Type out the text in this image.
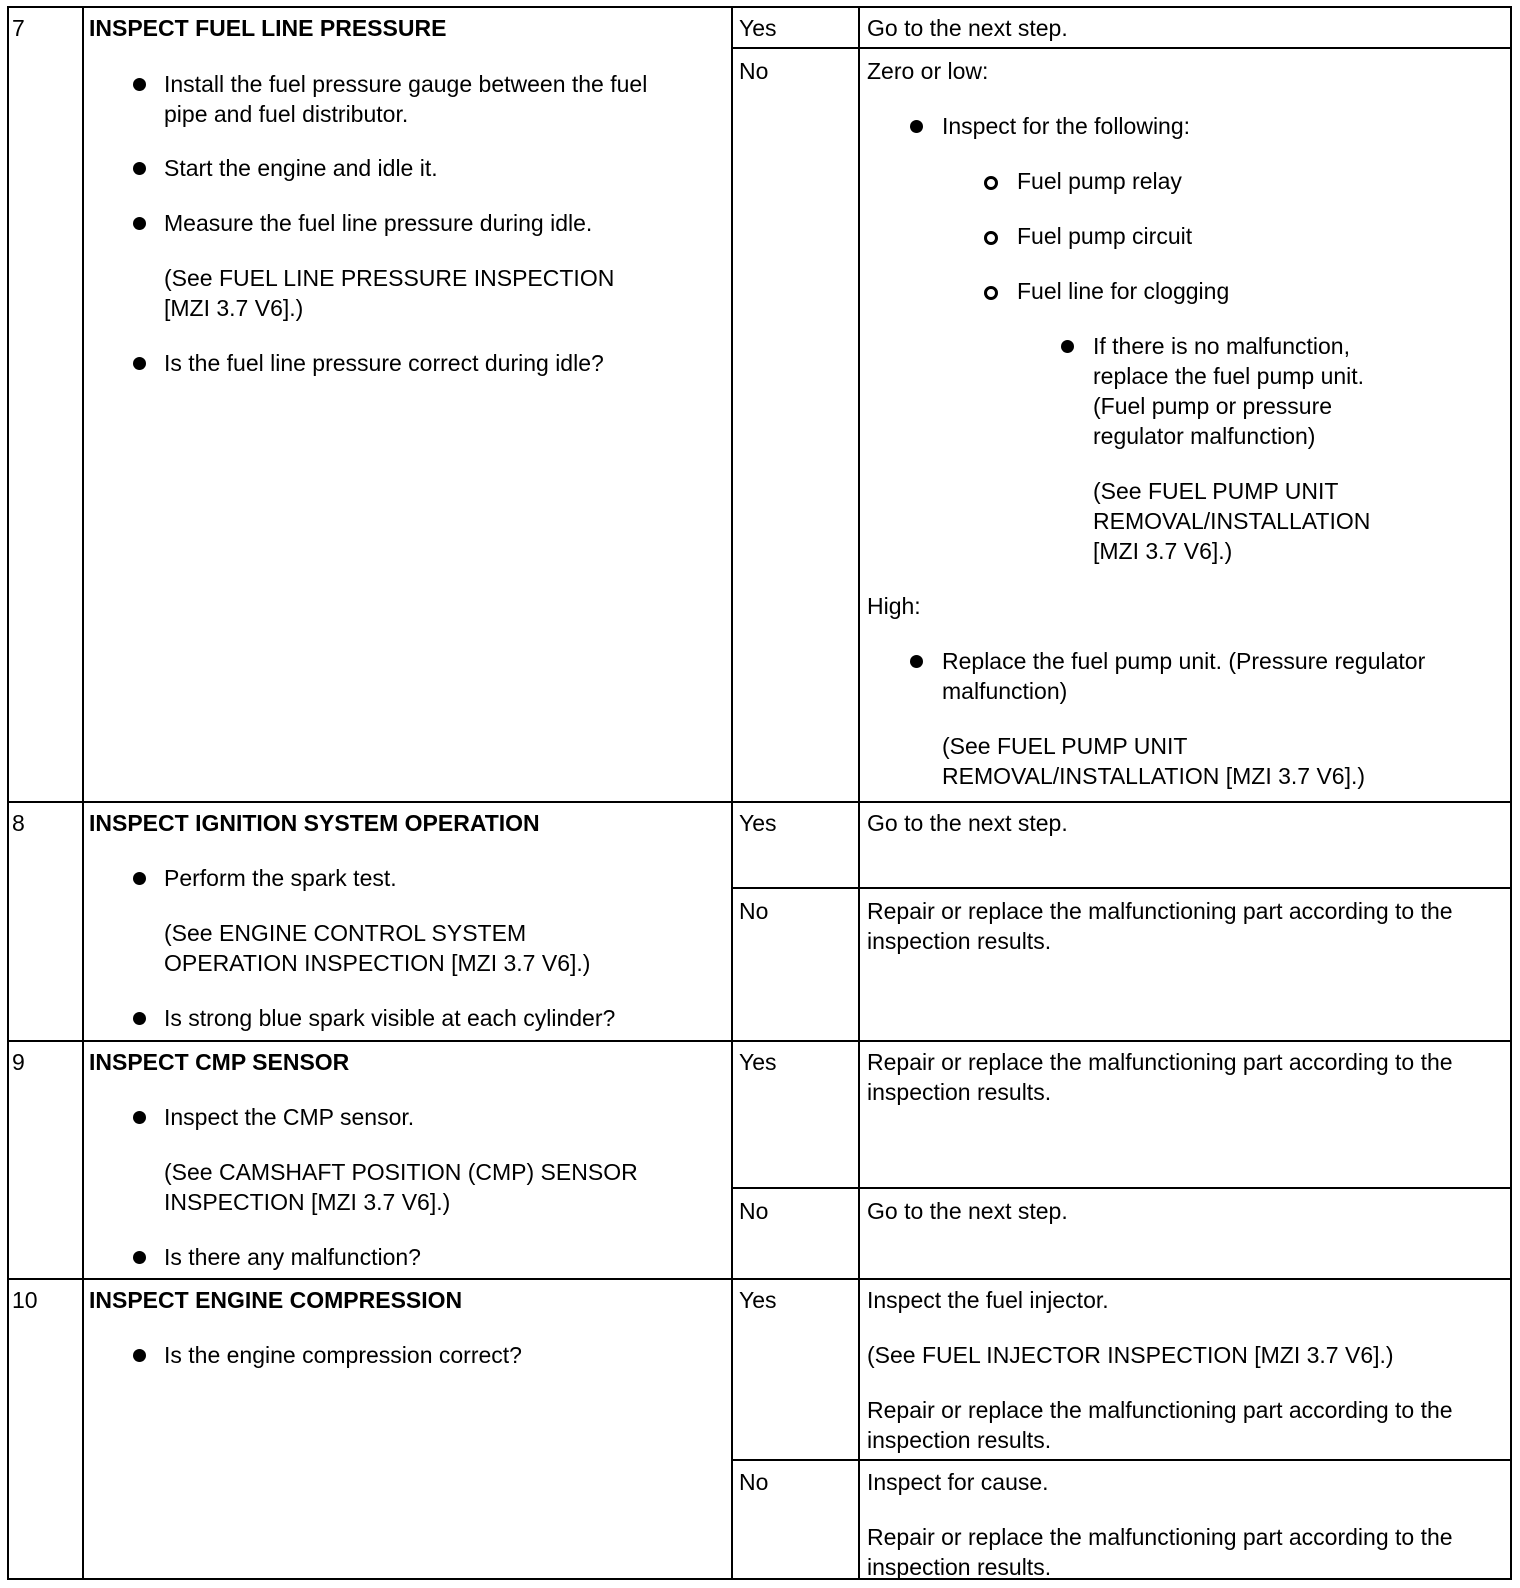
7	INSPECT FUEL LINE PRESSURE

Install the fuel pressure gauge between the fuel

pipe and fuel distributor.

Start the engine and idle it.

Measure the fuel line pressure during idle.

(See FUEL LINE PRESSURE INSPECTION

[MZI 3.7 V6].)

Is the fuel line pressure correct during idle?

Yes	Go to the next step.

No	Zero or low:

Inspect for the following:

Fuel pump relay

Fuel pump circuit

Fuel line for clogging

If there is no malfunction,

replace the fuel pump unit.

(Fuel pump or pressure

regulator malfunction)

(See FUEL PUMP UNIT

REMOVAL/INSTALLATION

[MZI 3.7 V6].)

High:

Replace the fuel pump unit. (Pressure regulator

malfunction)

(See FUEL PUMP UNIT

REMOVAL/INSTALLATION [MZI 3.7 V6].)

8	INSPECT IGNITION SYSTEM OPERATION

Perform the spark test.

(See ENGINE CONTROL SYSTEM

OPERATION INSPECTION [MZI 3.7 V6].)

Is strong blue spark visible at each cylinder?

Yes	Go to the next step.

No	Repair or replace the malfunctioning part according to the

inspection results.

9	INSPECT CMP SENSOR

Inspect the CMP sensor.

(See CAMSHAFT POSITION (CMP) SENSOR

INSPECTION [MZI 3.7 V6].)

Is there any malfunction?

Yes	Repair or replace the malfunctioning part according to the

inspection results.

No	Go to the next step.

10 INSPECT ENGINE COMPRESSION

Is the engine compression correct?

Yes	Inspect the fuel injector.

(See FUEL INJECTOR INSPECTION [MZI 3.7 V6].)

Repair or replace the malfunctioning part according to the

inspection results.

No	Inspect for cause.

Repair or replace the malfunctioning part according to the

inspection results.
